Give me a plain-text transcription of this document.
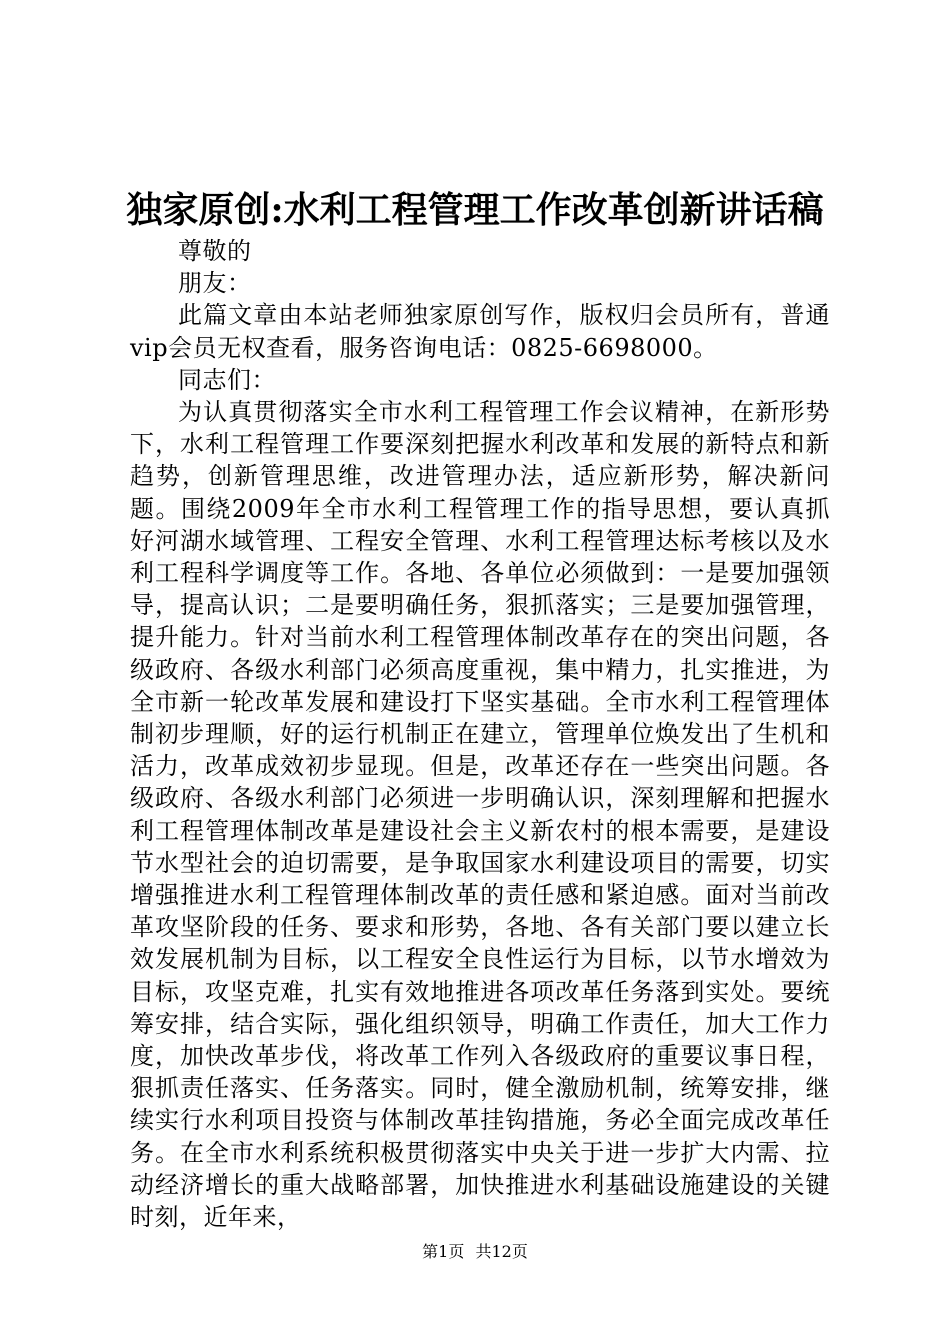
独家原创:水利工程管理工作改革创新讲话稿

尊敬的

朋友：

此篇文章由本站老师独家原创写作，版权归会员所有，普通vip会员无权查看，服务咨询电话：0825-6698000。

同志们：

为认真贯彻落实全市水利工程管理工作会议精神，在新形势下，水利工程管理工作要深刻把握水利改革和发展的新特点和新趋势，创新管理思维，改进管理办法，适应新形势，解决新问题。围绕2009年全市水利工程管理工作的指导思想，要认真抓好河湖水域管理、工程安全管理、水利工程管理达标考核以及水利工程科学调度等工作。各地、各单位必须做到：一是要加强领导，提高认识；二是要明确任务，狠抓落实；三是要加强管理，提升能力。针对当前水利工程管理体制改革存在的突出问题，各级政府、各级水利部门必须高度重视，集中精力，扎实推进，为全市新一轮改革发展和建设打下坚实基础。全市水利工程管理体制初步理顺，好的运行机制正在建立，管理单位焕发出了生机和活力，改革成效初步显现。但是，改革还存在一些突出问题。各级政府、各级水利部门必须进一步明确认识，深刻理解和把握水利工程管理体制改革是建设社会主义新农村的根本需要，是建设节水型社会的迫切需要，是争取国家水利建设项目的需要，切实增强推进水利工程管理体制改革的责任感和紧迫感。面对当前改革攻坚阶段的任务、要求和形势，各地、各有关部门要以建立长效发展机制为目标，以工程安全良性运行为目标，以节水增效为目标，攻坚克难，扎实有效地推进各项改革任务落到实处。要统筹安排，结合实际，强化组织领导，明确工作责任，加大工作力度，加快改革步伐，将改革工作列入各级政府的重要议事日程，狠抓责任落实、任务落实。同时，健全激励机制，统筹安排，继续实行水利项目投资与体制改革挂钩措施，务必全面完成改革任务。在全市水利系统积极贯彻落实中央关于进一步扩大内需、拉动经济增长的重大战略部署，加快推进水利基础设施建设的关键时刻，近年来，

第1页 共12页
